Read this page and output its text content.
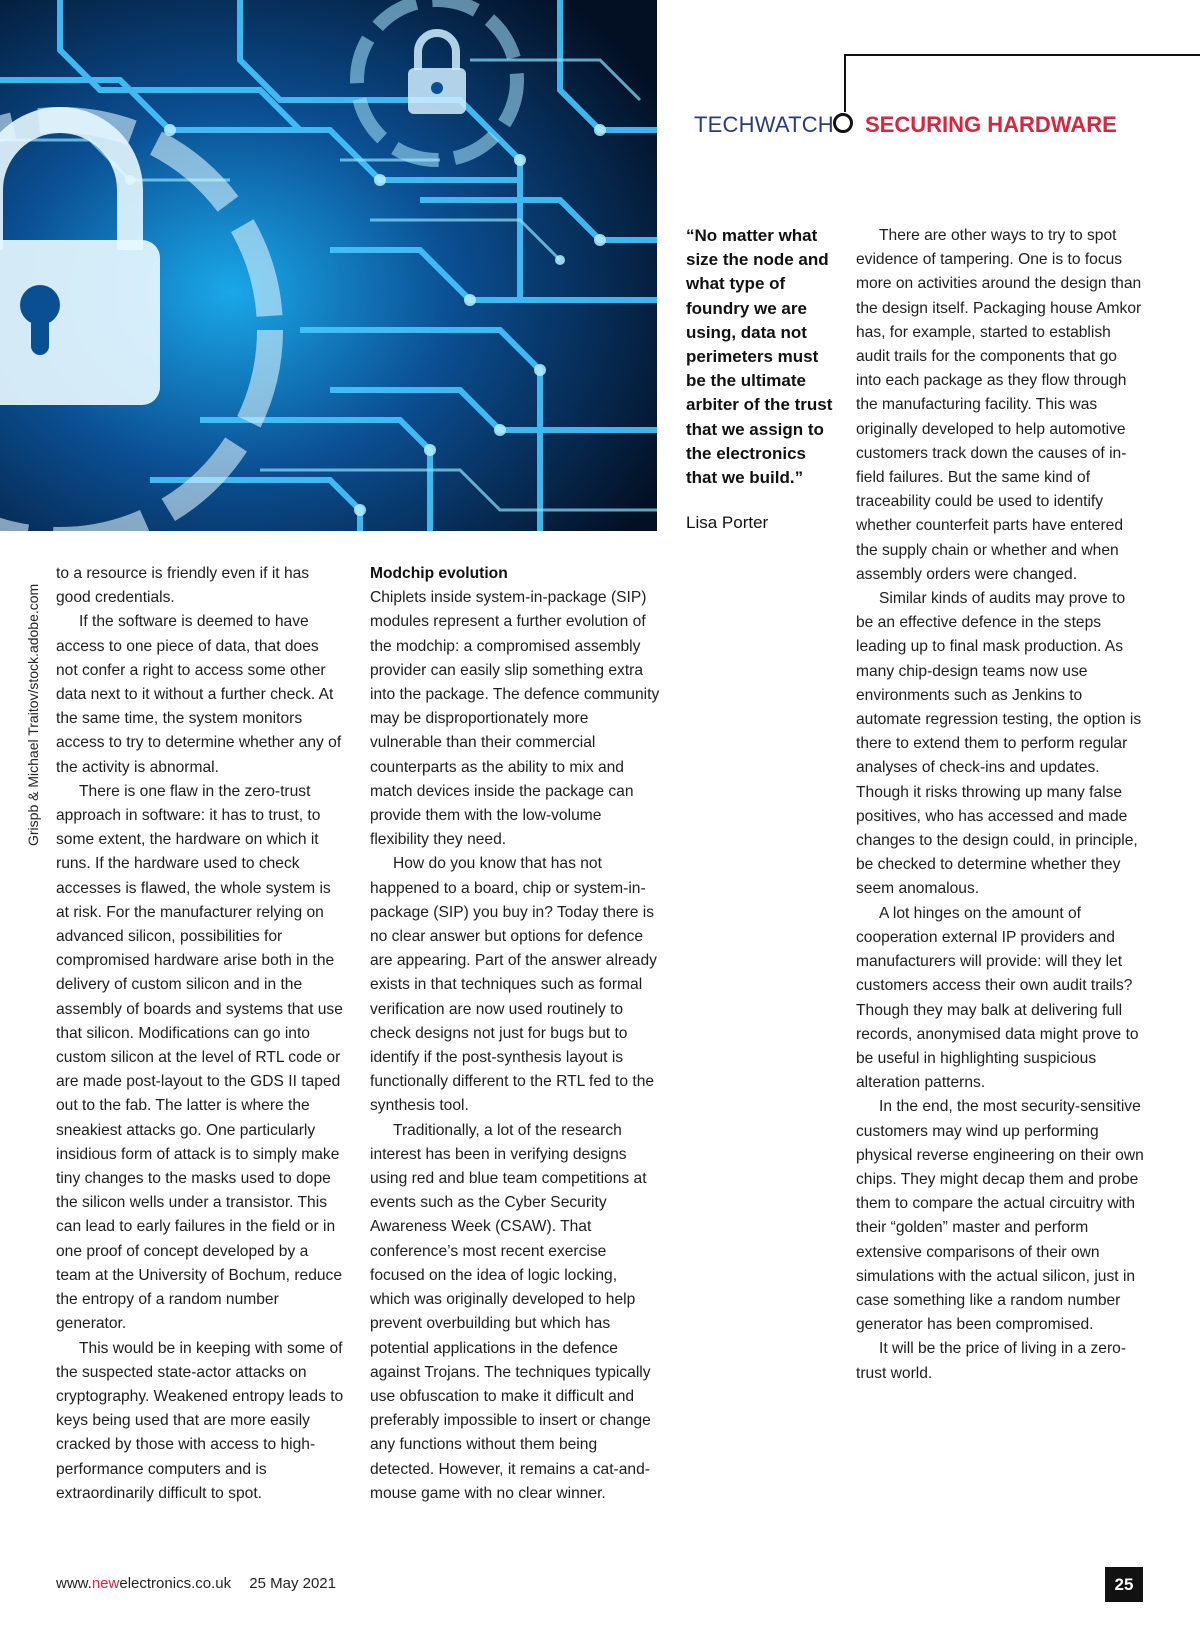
TECHWATCH SECURING HARDWARE
Grispb & Michael Traitov/stock.adobe.com

to a resource is friendly even if it has good credentials.

If the software is deemed to have access to one piece of data, that does not confer a right to access some other data next to it without a further check. At the same time, the system monitors access to try to determine whether any of the activity is abnormal.

There is one flaw in the zero-trust approach in software: it has to trust, to some extent, the hardware on which it runs. If the hardware used to check accesses is flawed, the whole system is at risk. For the manufacturer relying on advanced silicon, possibilities for compromised hardware arise both in the delivery of custom silicon and in the assembly of boards and systems that use that silicon. Modifications can go into custom silicon at the level of RTL code or are made post-layout to the GDS II taped out to the fab. The latter is where the sneakiest attacks go. One particularly insidious form of attack is to simply make tiny changes to the masks used to dope the silicon wells under a transistor. This can lead to early failures in the field or in one proof of concept developed by a team at the University of Bochum, reduce the entropy of a random number generator.

This would be in keeping with some of the suspected state-actor attacks on cryptography. Weakened entropy leads to keys being used that are more easily cracked by those with access to high-performance computers and is extraordinarily difficult to spot.

Modchip evolution

Chiplets inside system-in-package (SIP) modules represent a further evolution of the modchip: a compromised assembly provider can easily slip something extra into the package. The defence community may be disproportionately more vulnerable than their commercial counterparts as the ability to mix and match devices inside the package can provide them with the low-volume flexibility they need.

How do you know that has not happened to a board, chip or system-in-package (SIP) you buy in? Today there is no clear answer but options for defence are appearing. Part of the answer already exists in that techniques such as formal verification are now used routinely to check designs not just for bugs but to identify if the post-synthesis layout is functionally different to the RTL fed to the synthesis tool.

Traditionally, a lot of the research interest has been in verifying designs using red and blue team competitions at events such as the Cyber Security Awareness Week (CSAW). That conference’s most recent exercise focused on the idea of logic locking, which was originally developed to help prevent overbuilding but which has potential applications in the defence against Trojans. The techniques typically use obfuscation to make it difficult and preferably impossible to insert or change any functions without them being detected. However, it remains a cat-and-mouse game with no clear winner.

“No matter what size the node and what type of foundry we are using, data not perimeters must be the ultimate arbiter of the trust that we assign to the electronics that we build.”
Lisa Porter

There are other ways to try to spot evidence of tampering. One is to focus more on activities around the design than the design itself. Packaging house Amkor has, for example, started to establish audit trails for the components that go into each package as they flow through the manufacturing facility. This was originally developed to help automotive customers track down the causes of in-field failures. But the same kind of traceability could be used to identify whether counterfeit parts have entered the supply chain or whether and when assembly orders were changed.

Similar kinds of audits may prove to be an effective defence in the steps leading up to final mask production. As many chip-design teams now use environments such as Jenkins to automate regression testing, the option is there to extend them to perform regular analyses of check-ins and updates. Though it risks throwing up many false positives, who has accessed and made changes to the design could, in principle, be checked to determine whether they seem anomalous.

A lot hinges on the amount of cooperation external IP providers and manufacturers will provide: will they let customers access their own audit trails? Though they may balk at delivering full records, anonymised data might prove to be useful in highlighting suspicious alteration patterns.

In the end, the most security-sensitive customers may wind up performing physical reverse engineering on their own chips. They might decap them and probe them to compare the actual circuitry with their “golden” master and perform extensive comparisons of their own simulations with the actual silicon, just in case something like a random number generator has been compromised.

It will be the price of living in a zero-trust world.

www.newelectronics.co.uk 25 May 2021	25
